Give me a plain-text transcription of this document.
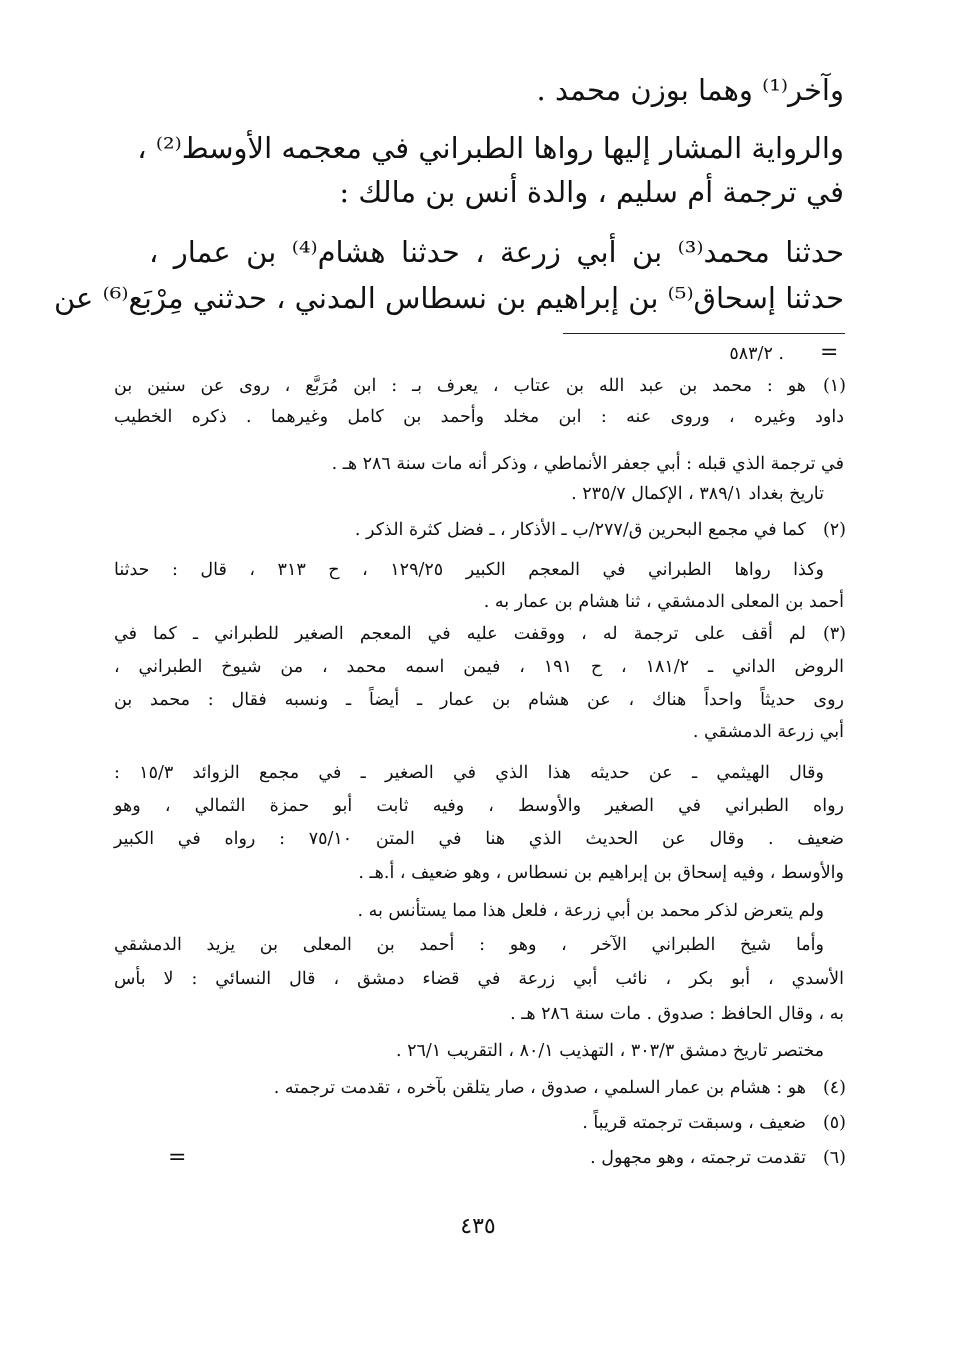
وآخر⁽¹⁾ وهما بوزن محمد .
والرواية المشار إليها رواها الطبراني في معجمه الأوسط⁽²⁾ ،
في ترجمة أم سليم ، والدة أنس بن مالك :
حدثنا محمد⁽³⁾ بن أبي زرعة ، حدثنا هشام⁽⁴⁾ بن عمار ،
حدثنا إسحاق⁽⁵⁾ بن إبراهيم بن نسطاس المدني ، حدثني مِرْبَع⁽⁶⁾ عن
=
. ٥٨٣/٢
(١)
هو : محمد بن عبد الله بن عتاب ، يعرف بـ : ابن مُرَبَّع ، روى عن سنين بن
داود وغيره ، وروى عنه : ابن مخلد وأحمد بن كامل وغيرهما . ذكره الخطيب
في ترجمة الذي قبله : أبي جعفر الأنماطي ، وذكر أنه مات سنة ٢٨٦ هـ .
تاريخ بغداد ٣٨٩/١ ، الإكمال ٢٣٥/٧ .
(٢)
كما في مجمع البحرين ق/٢٧٧/ب ـ الأذكار ، ـ فضل كثرة الذكر .
وكذا رواها الطبراني في المعجم الكبير ١٢٩/٢٥ ، ح ٣١٣ ، قال : حدثنا
أحمد بن المعلى الدمشقي ، ثنا هشام بن عمار به .
(٣)
لم أقف على ترجمة له ، ووقفت عليه في المعجم الصغير للطبراني ـ كما في
الروض الداني ـ ١٨١/٢ ، ح ١٩١ ، فيمن اسمه محمد ، من شيوخ الطبراني ،
روى حديثاً واحداً هناك ، عن هشام بن عمار ـ أيضاً ـ ونسبه فقال : محمد بن
أبي زرعة الدمشقي .
وقال الهيثمي ـ عن حديثه هذا الذي في الصغير ـ في مجمع الزوائد ١٥/٣ :
رواه الطبراني في الصغير والأوسط ، وفيه ثابت أبو حمزة الثمالي ، وهو
ضعيف . وقال عن الحديث الذي هنا في المتن ٧٥/١٠ : رواه في الكبير
والأوسط ، وفيه إسحاق بن إبراهيم بن نسطاس ، وهو ضعيف ، أ.هـ .
ولم يتعرض لذكر محمد بن أبي زرعة ، فلعل هذا مما يستأنس به .
وأما شيخ الطبراني الآخر ، وهو : أحمد بن المعلى بن يزيد الدمشقي
الأسدي ، أبو بكر ، نائب أبي زرعة في قضاء دمشق ، قال النسائي : لا بأس
به ، وقال الحافظ : صدوق . مات سنة ٢٨٦ هـ .
مختصر تاريخ دمشق ٣٠٣/٣ ، التهذيب ٨٠/١ ، التقريب ٢٦/١ .
(٤)
هو : هشام بن عمار السلمي ، صدوق ، صار يتلقن بآخره ، تقدمت ترجمته .
(٥)
ضعيف ، وسبقت ترجمته قريباً .
(٦)
تقدمت ترجمته ، وهو مجهول .
=
٤٣٥
